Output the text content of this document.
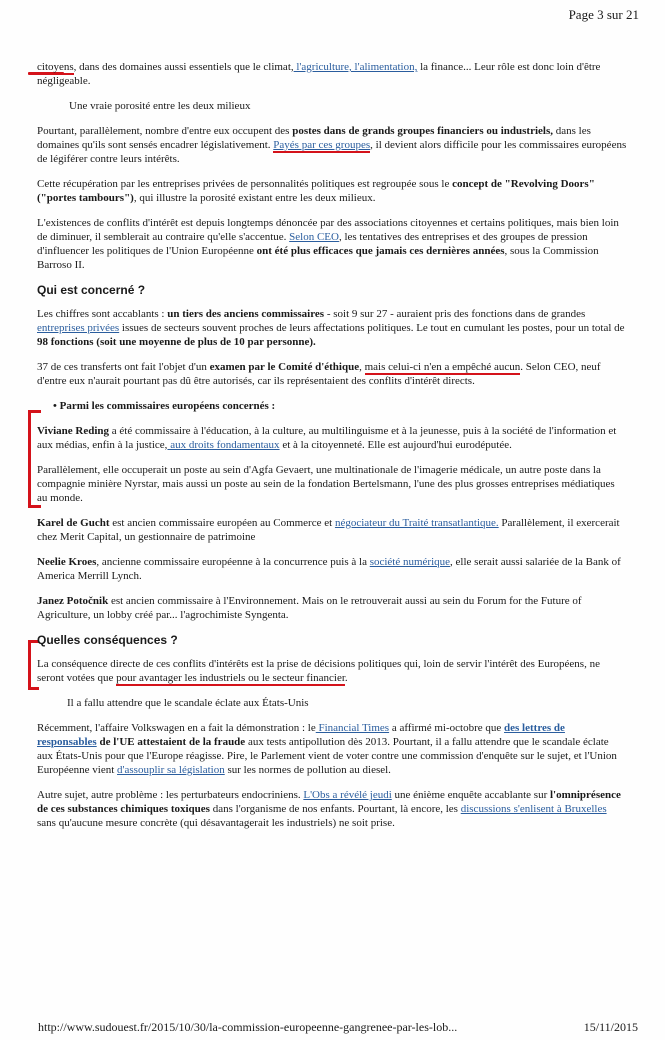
Page 3 sur 21

citoyens, dans des domaines aussi essentiels que le climat, l'agriculture, l'alimentation, la finance... Leur rôle est donc loin d'être négligeable.

Une vraie porosité entre les deux milieux

Pourtant, parallèlement, nombre d'entre eux occupent des postes dans de grands groupes financiers ou industriels, dans les domaines qu'ils sont sensés encadrer législativement. Payés par ces groupes, il devient alors difficile pour les commissaires européens de légiférer contre leurs intérêts.

Cette récupération par les entreprises privées de personnalités politiques est regroupée sous le concept de "Revolving Doors" ("portes tambours"), qui illustre la porosité existant entre les deux milieux.

L'existences de conflits d'intérêt est depuis longtemps dénoncée par des associations citoyennes et certains politiques, mais bien loin de diminuer, il semblerait au contraire qu'elle s'accentue. Selon CEO, les tentatives des entreprises et des groupes de pression d'influencer les politiques de l'Union Européenne ont été plus efficaces que jamais ces dernières années, sous la Commission Barroso II.

Qui est concerné ?

Les chiffres sont accablants : un tiers des anciens commissaires - soit 9 sur 27 - auraient pris des fonctions dans de grandes entreprises privées issues de secteurs souvent proches de leurs affectations politiques. Le tout en cumulant les postes, pour un total de 98 fonctions (soit une moyenne de plus de 10 par personne).

37 de ces transferts ont fait l'objet d'un examen par le Comité d'éthique, mais celui-ci n'en a empêché aucun. Selon CEO, neuf d'entre eux n'aurait pourtant pas dû être autorisés, car ils représentaient des conflits d'intérêt directs.

• Parmi les commissaires européens concernés :

Viviane Reding a été commissaire à l'éducation, à la culture, au multilinguisme et à la jeunesse, puis à la société de l'information et aux médias, enfin à la justice, aux droits fondamentaux et à la citoyenneté. Elle est aujourd'hui eurodéputée.

Parallèlement, elle occuperait un poste au sein d'Agfa Gevaert, une multinationale de l'imagerie médicale, un autre poste dans la compagnie minière Nyrstar, mais aussi un poste au sein de la fondation Bertelsmann, l'une des plus grosses entreprises médiatiques au monde.

Karel de Gucht est ancien commissaire européen au Commerce et négociateur du Traité transatlantique. Parallèlement, il exercerait chez Merit Capital, un gestionnaire de patrimoine

Neelie Kroes, ancienne commissaire européenne à la concurrence puis à la société numérique, elle serait aussi salariée de la Bank of America Merrill Lynch.

Janez Potočnik est ancien commissaire à l'Environnement. Mais on le retrouverait aussi au sein du Forum for the Future of Agriculture, un lobby créé par... l'agrochimiste Syngenta.

Quelles conséquences ?

La conséquence directe de ces conflits d'intérêts est la prise de décisions politiques qui, loin de servir l'intérêt des Européens, ne seront votées que pour avantager les industriels ou le secteur financier.

Il a fallu attendre que le scandale éclate aux États-Unis

Récemment, l'affaire Volkswagen en a fait la démonstration : le Financial Times a affirmé mi-octobre que des lettres de responsables de l'UE attestaient de la fraude aux tests antipollution dès 2013. Pourtant, il a fallu attendre que le scandale éclate aux États-Unis pour que l'Europe réagisse. Pire, le Parlement vient de voter contre une commission d'enquête sur le sujet, et l'Union Européenne vient d'assouplir sa législation sur les normes de pollution au diesel.

Autre sujet, autre problème : les perturbateurs endocriniens. L'Obs a révélé jeudi une énième enquête accablante sur l'omniprésence de ces substances chimiques toxiques dans l'organisme de nos enfants. Pourtant, là encore, les discussions s'enlisent à Bruxelles sans qu'aucune mesure concrète (qui désavantagerait les industriels) ne soit prise.

http://www.sudouest.fr/2015/10/30/la-commission-europeenne-gangrenee-par-les-lob...	15/11/2015
